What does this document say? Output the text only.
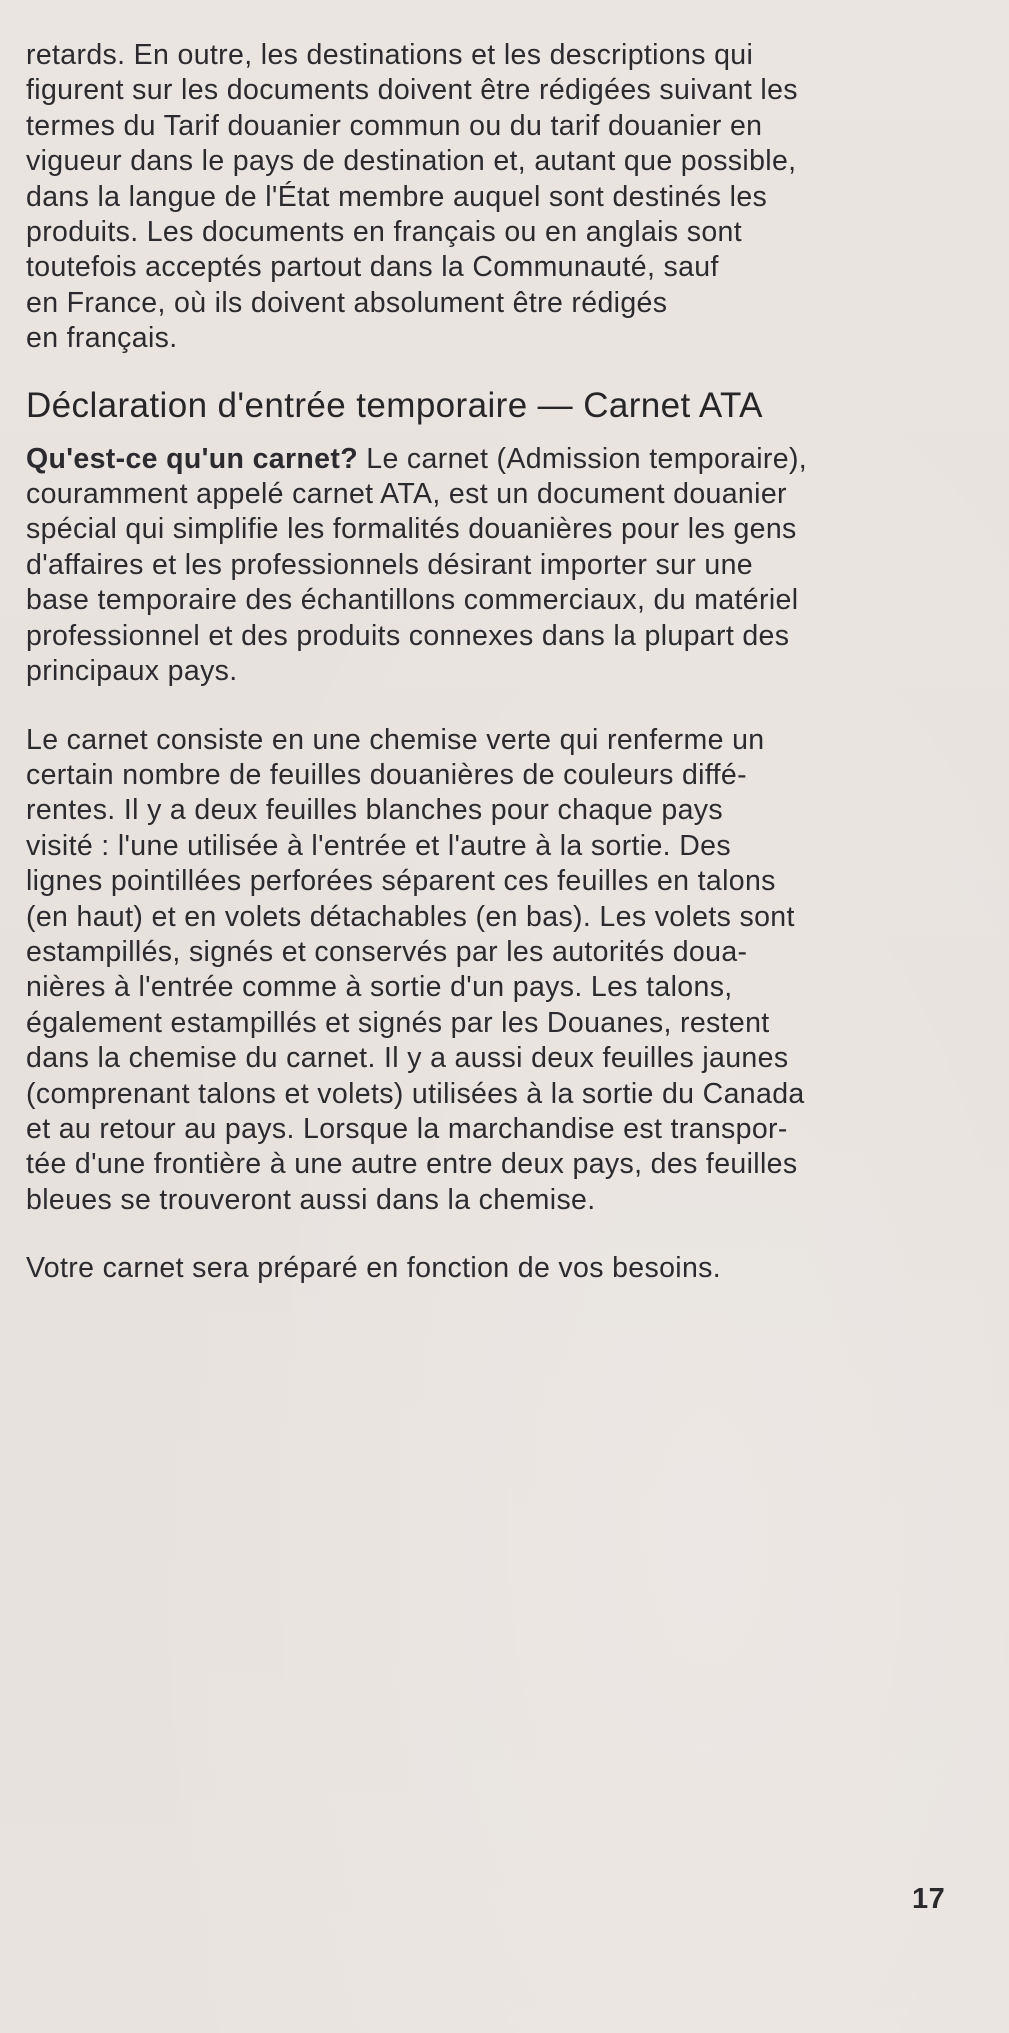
retards. En outre, les destinations et les descriptions qui
figurent sur les documents doivent être rédigées suivant les
termes du Tarif douanier commun ou du tarif douanier en
vigueur dans le pays de destination et, autant que possible,
dans la langue de l'État membre auquel sont destinés les
produits. Les documents en français ou en anglais sont
toutefois acceptés partout dans la Communauté, sauf
en France, où ils doivent absolument être rédigés
en français.

Déclaration d'entrée temporaire — Carnet ATA

Qu'est-ce qu'un carnet? Le carnet (Admission temporaire),
couramment appelé carnet ATA, est un document douanier
spécial qui simplifie les formalités douanières pour les gens
d'affaires et les professionnels désirant importer sur une
base temporaire des échantillons commerciaux, du matériel
professionnel et des produits connexes dans la plupart des
principaux pays.

Le carnet consiste en une chemise verte qui renferme un
certain nombre de feuilles douanières de couleurs diffé-
rentes. Il y a deux feuilles blanches pour chaque pays
visité : l'une utilisée à l'entrée et l'autre à la sortie. Des
lignes pointillées perforées séparent ces feuilles en talons
(en haut) et en volets détachables (en bas). Les volets sont
estampillés, signés et conservés par les autorités doua-
nières à l'entrée comme à sortie d'un pays. Les talons,
également estampillés et signés par les Douanes, restent
dans la chemise du carnet. Il y a aussi deux feuilles jaunes
(comprenant talons et volets) utilisées à la sortie du Canada
et au retour au pays. Lorsque la marchandise est transpor-
tée d'une frontière à une autre entre deux pays, des feuilles
bleues se trouveront aussi dans la chemise.

Votre carnet sera préparé en fonction de vos besoins.

17
